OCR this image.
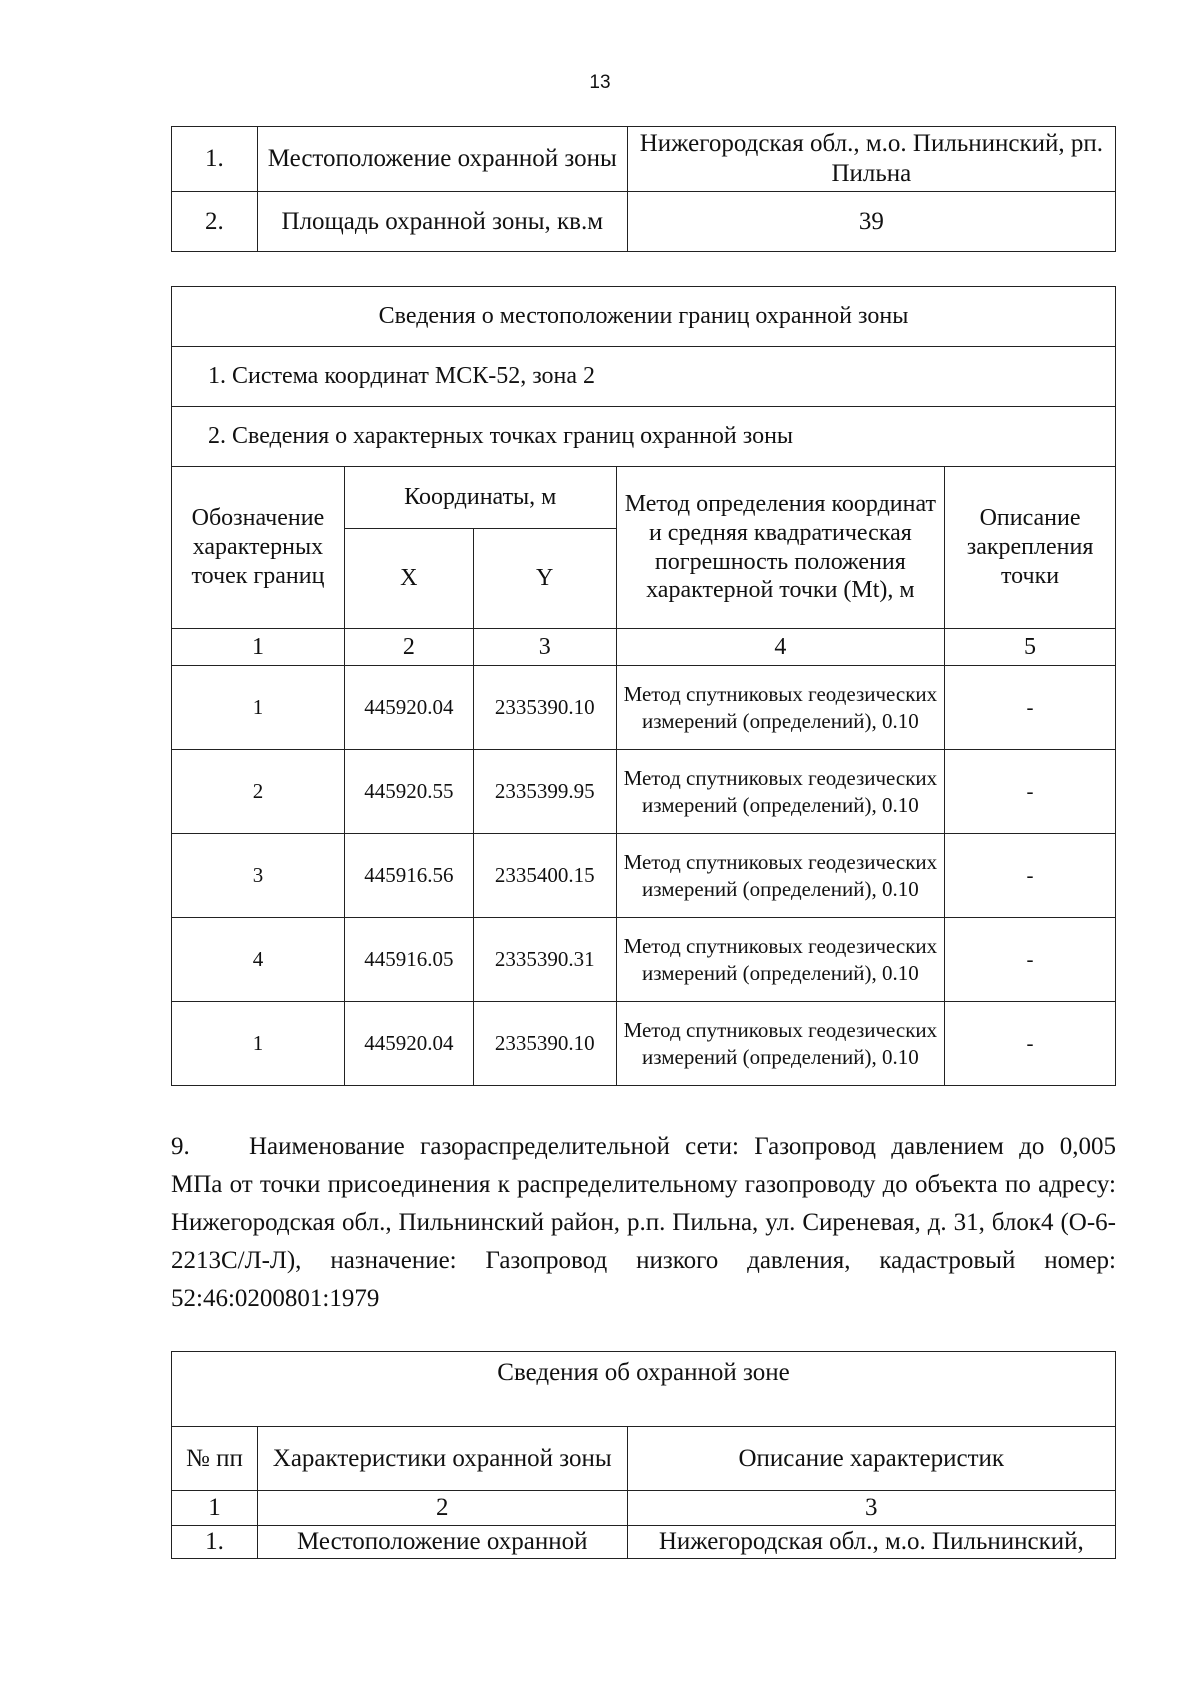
13
1.	Местоположение охранной зоны	Нижегородская обл., м.о. Пильнинский, рп. Пильна
2.	Площадь охранной зоны, кв.м	39
Сведения о местоположении границ охранной зоны				
1. Система координат МСК-52, зона 2				
2. Сведения о характерных точках границ охранной зоны				
Обозначение характерных точек границ	Координаты, м		Метод определения координат и средняя квадратическая погрешность положения характерной точки (Mt), м	Описание закрепления точки
	X	Y		
1	2	3	4	5
1	445920.04	2335390.10	Метод спутниковых геодезических измерений (определений), 0.10	-
2	445920.55	2335399.95	Метод спутниковых геодезических измерений (определений), 0.10	-
3	445916.56	2335400.15	Метод спутниковых геодезических измерений (определений), 0.10	-
4	445916.05	2335390.31	Метод спутниковых геодезических измерений (определений), 0.10	-
1	445920.04	2335390.10	Метод спутниковых геодезических измерений (определений), 0.10	-
9. Наименование газораспределительной сети: Газопровод давлением до 0,005 МПа от точки присоединения к распределительному газопроводу до объекта по адресу: Нижегородская обл., Пильнинский район, р.п. Пильна, ул. Сиреневая, д. 31, блок4 (О-6-2213С/Л-Л), назначение: Газопровод низкого давления, кадастровый номер: 52:46:0200801:1979
Сведения об охранной зоне		
№ пп	Характеристики охранной зоны	Описание характеристик
1	2	3
1.	Местоположение охранной	Нижегородская обл., м.о. Пильнинский,
